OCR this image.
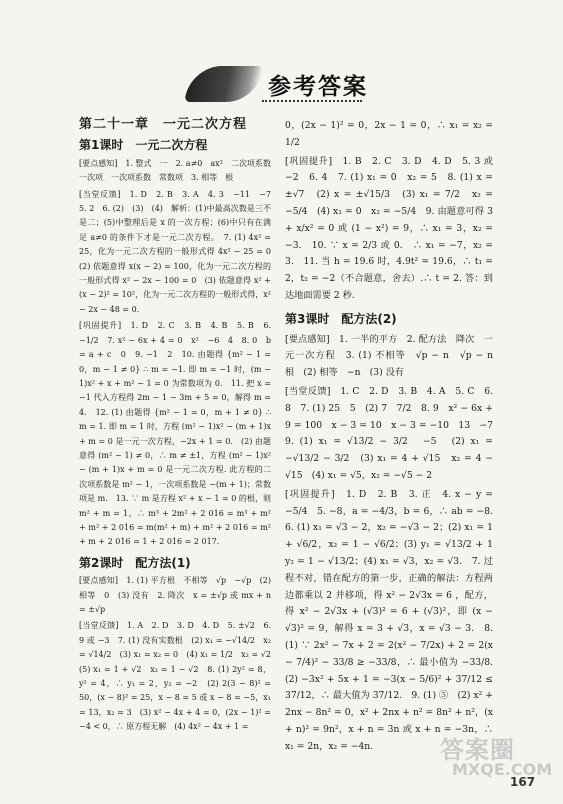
参考答案

第二十一章　一元二次方程

第1课时　一元二次方程

[要点感知]　1. 整式　一　2. a≠0　ax²　二次项系数　一次项　一次项系数　常数项　3. 相等　根

[当堂反馈]　1. D　2. B　3. A　4. 3　−11　−7　5. 2　6. (2)　(3)　(4)　解析：(1)中最高次数是三不是二；(5)中整理后是 x 的一次方程；(6)中只有在满足 a≠0 的条件下才是一元二次方程。　7. (1) 4x² = 25，化为一元二次方程的一般形式得 4x² − 25 = 0　(2) 依题意得 x(x − 2) = 100，化为一元二次方程的一般形式得 x² − 2x − 100 = 0　(3) 依题意得 x² + (x − 2)² = 10²，化为一元二次方程的一般形式得，x² − 2x − 48 = 0.

[巩固提升]　1. D　2. C　3. B　4. B　5. B　6. −1/2　7. x² − 6x + 4 = 0　x²　−6　4　8. 0　b = a + c　0　9. −1　2　10. 由题得 {m² − 1 = 0，m − 1 ≠ 0} ∴ m = −1. 即 m = −1 时，(m − 1)x² + x + m² − 1 = 0 为常数项为 0.　11. 把 x = −1 代入方程得 2m − 1 − 3m + 5 = 0，解得 m = 4.　12. (1) 由题得 {m² − 1 = 0，m + 1 ≠ 0} ∴ m = 1. 即 m = 1 时，方程 (m² − 1)x² − (m + 1)x + m = 0 是一元一次方程，−2x + 1 = 0.　(2) 由题意得 (m² − 1) ≠ 0，∴ m ≠ ±1，方程 (m² − 1)x² − (m + 1)x + m = 0 是一元二次方程. 此方程的二次项系数是 m² − 1，一次项系数是 −(m + 1)；常数项是 m.　13. ∵ m 是方程 x² + x − 1 = 0 的根，则 m² + m = 1，∴ m³ + 2m² + 2 016 = m³ + m² + m² + 2 016 = m(m² + m) + m² + 2 016 = m² + m + 2 016 = 1 + 2 016 = 2 017.

第2课时　配方法(1)

[要点感知]　1. (1) 平方根　不相等　√p　−√p　(2) 相等　0　(3) 没有　2. 降次　x = ±√p 或 mx + n = ±√p

[当堂反馈]　1. A　2. D　3. D　4. D　5. ±√2　6. 9 或 −3　7. (1) 没有实数根　(2) x₁ = −√14/2　x₂ = √14/2　(3) x₁ = x₂ = 0　(4) x₁ = 1/2　x₂ = √2　(5) x₁ = 1 + √2　x₂ = 1 − √2　8. (1) 2y² = 8，y² = 4，∴ y₁ = 2，y₂ = −2　(2) 2(3 − 8)² = 50，(x − 8)² = 25，x − 8 = 5 或 x − 8 = −5，x₁ = 13，x₂ = 3　(3) x² − 4x + 4 = 0，(2x − 1)² = −4 < 0，∴ 原方程无解　(4) 4x² − 4x + 1 =

0，(2x − 1)² = 0，2x − 1 = 0，∴ x₁ = x₂ = 1/2

[巩固提升]　1. B　2. C　3. D　4. D　5. 3 或 −2　6. 4　7. (1) x₁ = 0　x₂ = 5　8. (1) x = ±√7　(2) x = ±√15/3　(3) x₁ = 7/2　x₂ = −5/4　(4) x₁ = 0　x₂ = −5/4　9. 由题意可得 3 + x/x² = 0 或 (1 − x²) = 9，∴ x₁ = 3，x₂ = −3.　10. ∵ x = 2/3 或 0.　∴ x₁ = −7，x₂ = 3.　11. 当 h = 19.6 时，4.9t² = 19.6，∴ t₁ = 2，t₂ = −2（不合题意，舍去）.∴ t = 2. 答：到达地面需要 2 秒.

第3课时　配方法(2)

[要点感知]　1. 一半的平方　2. 配方法　降次　一元一次方程　3. (1) 不相等　√p − n　√p − n　根　(2) 相等　−n　(3) 没有

[当堂反馈]　1. C　2. D　3. B　4. A　5. C　6. 8　7. (1) 25　5　(2) 7　7/2　8. 9　x² − 6x + 9 = 100　x − 3 = 10　x − 3 = −10　13　−7　9. (1) x₁ = √13/2 − 3/2　−5　(2) x₁ = −√13/2 − 3/2　(3) x₁ = 4 + √15　x₂ = 4 − √15　(4) x₁ = √5，x₂ = −√5 − 2

[巩固提升]　1. D　2. B　3. 正　4. x − y = −5/4　5. −8，a = −4/3，b = 6，∴ ab = −8.　6. (1) x₁ = √3 − 2，x₂ = −√3 − 2；(2) x₁ = 1 + √6/2，x₂ = 1 − √6/2；(3) y₁ = √13/2 + 1　y₂ = 1 − √13/2；(4) x₁ = √3，x₂ = √3.　7. 过程不对，错在配方的第一步，正确的解法：方程两边都乘以 2 并移项，得 x² − 2√3x = 6 ，配方，得 x² − 2√3x + (√3)² = 6 + (√3)²，即 (x − √3)² = 9，解得 x = 3 + √3，x = √3 − 3.　8. (1) ∵ 2x² − 7x + 2 = 2(x² − 7/2x) + 2 = 2(x − 7/4)² − 33/8 ≥ −33/8，∴ 最小值为 −33/8.　(2) −3x² + 5x + 1 = −3(x − 5/6)² + 37/12 ≤ 37/12，∴ 最大值为 37/12.　9. (1) ⑤　(2) x² + 2nx − 8n² = 0，x² + 2nx + n² = 8n² + n²，(x + n)² = 9n²，x + n = 3n 或 x + n = −3n，∴ x₁ = 2n，x₂ = −4n.	答案圈
MXQE.COM
167
